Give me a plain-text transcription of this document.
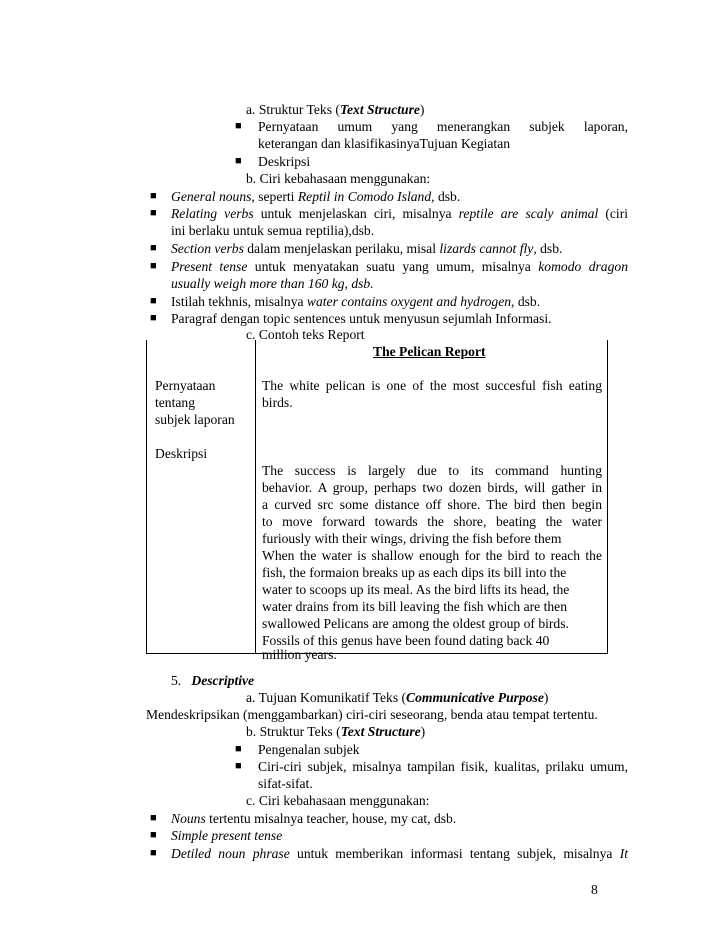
a. Struktur Teks (Text Structure)
■ Pernyataan umum yang menerangkan subjek laporan,
keterangan dan klasifikasinyaTujuan Kegiatan
■ Deskripsi
b. Ciri kebahasaan menggunakan:
■ General nouns, seperti Reptil in Comodo Island, dsb.
■ Relating verbs untuk menjelaskan ciri, misalnya reptile are scaly animal (ciri
ini berlaku untuk semua reptilia),dsb.
■ Section verbs dalam menjelaskan perilaku, misal lizards cannot fly, dsb.
■ Present tense untuk menyatakan suatu yang umum, misalnya komodo dragon
usually weigh more than 160 kg, dsb.
■ Istilah tekhnis, misalnya water contains oxygent and hydrogen, dsb.
■ Paragraf dengan topic sentences untuk menyusun sejumlah Informasi.
c. Contoh teks Report
The Pelican Report
Pernyataan
tentang
subjek laporan
Deskripsi
The white pelican is one of the most succesful fish eating
birds.
The success is largely due to its command hunting
behavior. A group, perhaps two dozen birds, will gather in
a curved src some distance off shore. The bird then begin
to move forward towards the shore, beating the water
furiously with their wings, driving the fish before them
When the water is shallow enough for the bird to reach the
fish, the formaion breaks up as each dips its bill into the
water to scoops up its meal. As the bird lifts its head, the
water drains from its bill leaving the fish which are then
swallowed Pelicans are among the oldest group of birds.
Fossils of this genus have been found dating back 40
million years.
5. Descriptive
a. Tujuan Komunikatif Teks (Communicative Purpose)
Mendeskripsikan (menggambarkan) ciri-ciri seseorang, benda atau tempat tertentu.
b. Struktur Teks (Text Structure)
■ Pengenalan subjek
■ Ciri-ciri subjek, misalnya tampilan fisik, kualitas, prilaku umum,
sifat-sifat.
c. Ciri kebahasaan menggunakan:
■ Nouns tertentu misalnya teacher, house, my cat, dsb.
■ Simple present tense
■ Detiled noun phrase untuk memberikan informasi tentang subjek, misalnya It
8
